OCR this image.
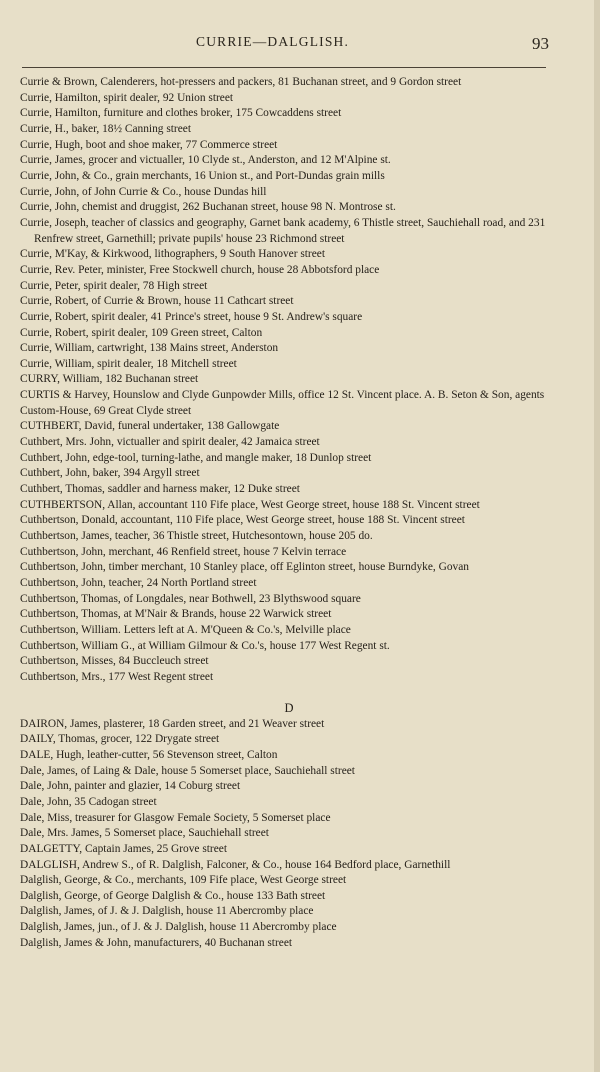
CURRIE—DALGLISH.	93
Currie & Brown, Calenderers, hot-pressers and packers, 81 Buchanan street, and 9 Gordon street
Currie, Hamilton, spirit dealer, 92 Union street
Currie, Hamilton, furniture and clothes broker, 175 Cowcaddens street
Currie, H., baker, 18½ Canning street
Currie, Hugh, boot and shoe maker, 77 Commerce street
Currie, James, grocer and victualler, 10 Clyde st., Anderston, and 12 M'Alpine st.
Currie, John, & Co., grain merchants, 16 Union st., and Port-Dundas grain mills
Currie, John, of John Currie & Co., house Dundas hill
Currie, John, chemist and druggist, 262 Buchanan street, house 98 N. Montrose st.
Currie, Joseph, teacher of classics and geography, Garnet bank academy, 6 Thistle street, Sauchiehall road, and 231 Renfrew street, Garnethill; private pupils' house 23 Richmond street
Currie, M'Kay, & Kirkwood, lithographers, 9 South Hanover street
Currie, Rev. Peter, minister, Free Stockwell church, house 28 Abbotsford place
Currie, Peter, spirit dealer, 78 High street
Currie, Robert, of Currie & Brown, house 11 Cathcart street
Currie, Robert, spirit dealer, 41 Prince's street, house 9 St. Andrew's square
Currie, Robert, spirit dealer, 109 Green street, Calton
Currie, William, cartwright, 138 Mains street, Anderston
Currie, William, spirit dealer, 18 Mitchell street
CURRY, William, 182 Buchanan street
CURTIS & Harvey, Hounslow and Clyde Gunpowder Mills, office 12 St. Vincent place. A. B. Seton & Son, agents
Custom-House, 69 Great Clyde street
CUTHBERT, David, funeral undertaker, 138 Gallowgate
Cuthbert, Mrs. John, victualler and spirit dealer, 42 Jamaica street
Cuthbert, John, edge-tool, turning-lathe, and mangle maker, 18 Dunlop street
Cuthbert, John, baker, 394 Argyll street
Cuthbert, Thomas, saddler and harness maker, 12 Duke street
CUTHBERTSON, Allan, accountant 110 Fife place, West George street, house 188 St. Vincent street
Cuthbertson, Donald, accountant, 110 Fife place, West George street, house 188 St. Vincent street
Cuthbertson, James, teacher, 36 Thistle street, Hutchesontown, house 205 do.
Cuthbertson, John, merchant, 46 Renfield street, house 7 Kelvin terrace
Cuthbertson, John, timber merchant, 10 Stanley place, off Eglinton street, house Burndyke, Govan
Cuthbertson, John, teacher, 24 North Portland street
Cuthbertson, Thomas, of Longdales, near Bothwell, 23 Blythswood square
Cuthbertson, Thomas, at M'Nair & Brands, house 22 Warwick street
Cuthbertson, William. Letters left at A. M'Queen & Co.'s, Melville place
Cuthbertson, William G., at William Gilmour & Co.'s, house 177 West Regent st.
Cuthbertson, Misses, 84 Buccleuch street
Cuthbertson, Mrs., 177 West Regent street
D
DAIRON, James, plasterer, 18 Garden street, and 21 Weaver street
DAILY, Thomas, grocer, 122 Drygate street
DALE, Hugh, leather-cutter, 56 Stevenson street, Calton
Dale, James, of Laing & Dale, house 5 Somerset place, Sauchiehall street
Dale, John, painter and glazier, 14 Coburg street
Dale, John, 35 Cadogan street
Dale, Miss, treasurer for Glasgow Female Society, 5 Somerset place
Dale, Mrs. James, 5 Somerset place, Sauchiehall street
DALGETTY, Captain James, 25 Grove street
DALGLISH, Andrew S., of R. Dalglish, Falconer, & Co., house 164 Bedford place, Garnethill
Dalglish, George, & Co., merchants, 109 Fife place, West George street
Dalglish, George, of George Dalglish & Co., house 133 Bath street
Dalglish, James, of J. & J. Dalglish, house 11 Abercromby place
Dalglish, James, jun., of J. & J. Dalglish, house 11 Abercromby place
Dalglish, James & John, manufacturers, 40 Buchanan street
